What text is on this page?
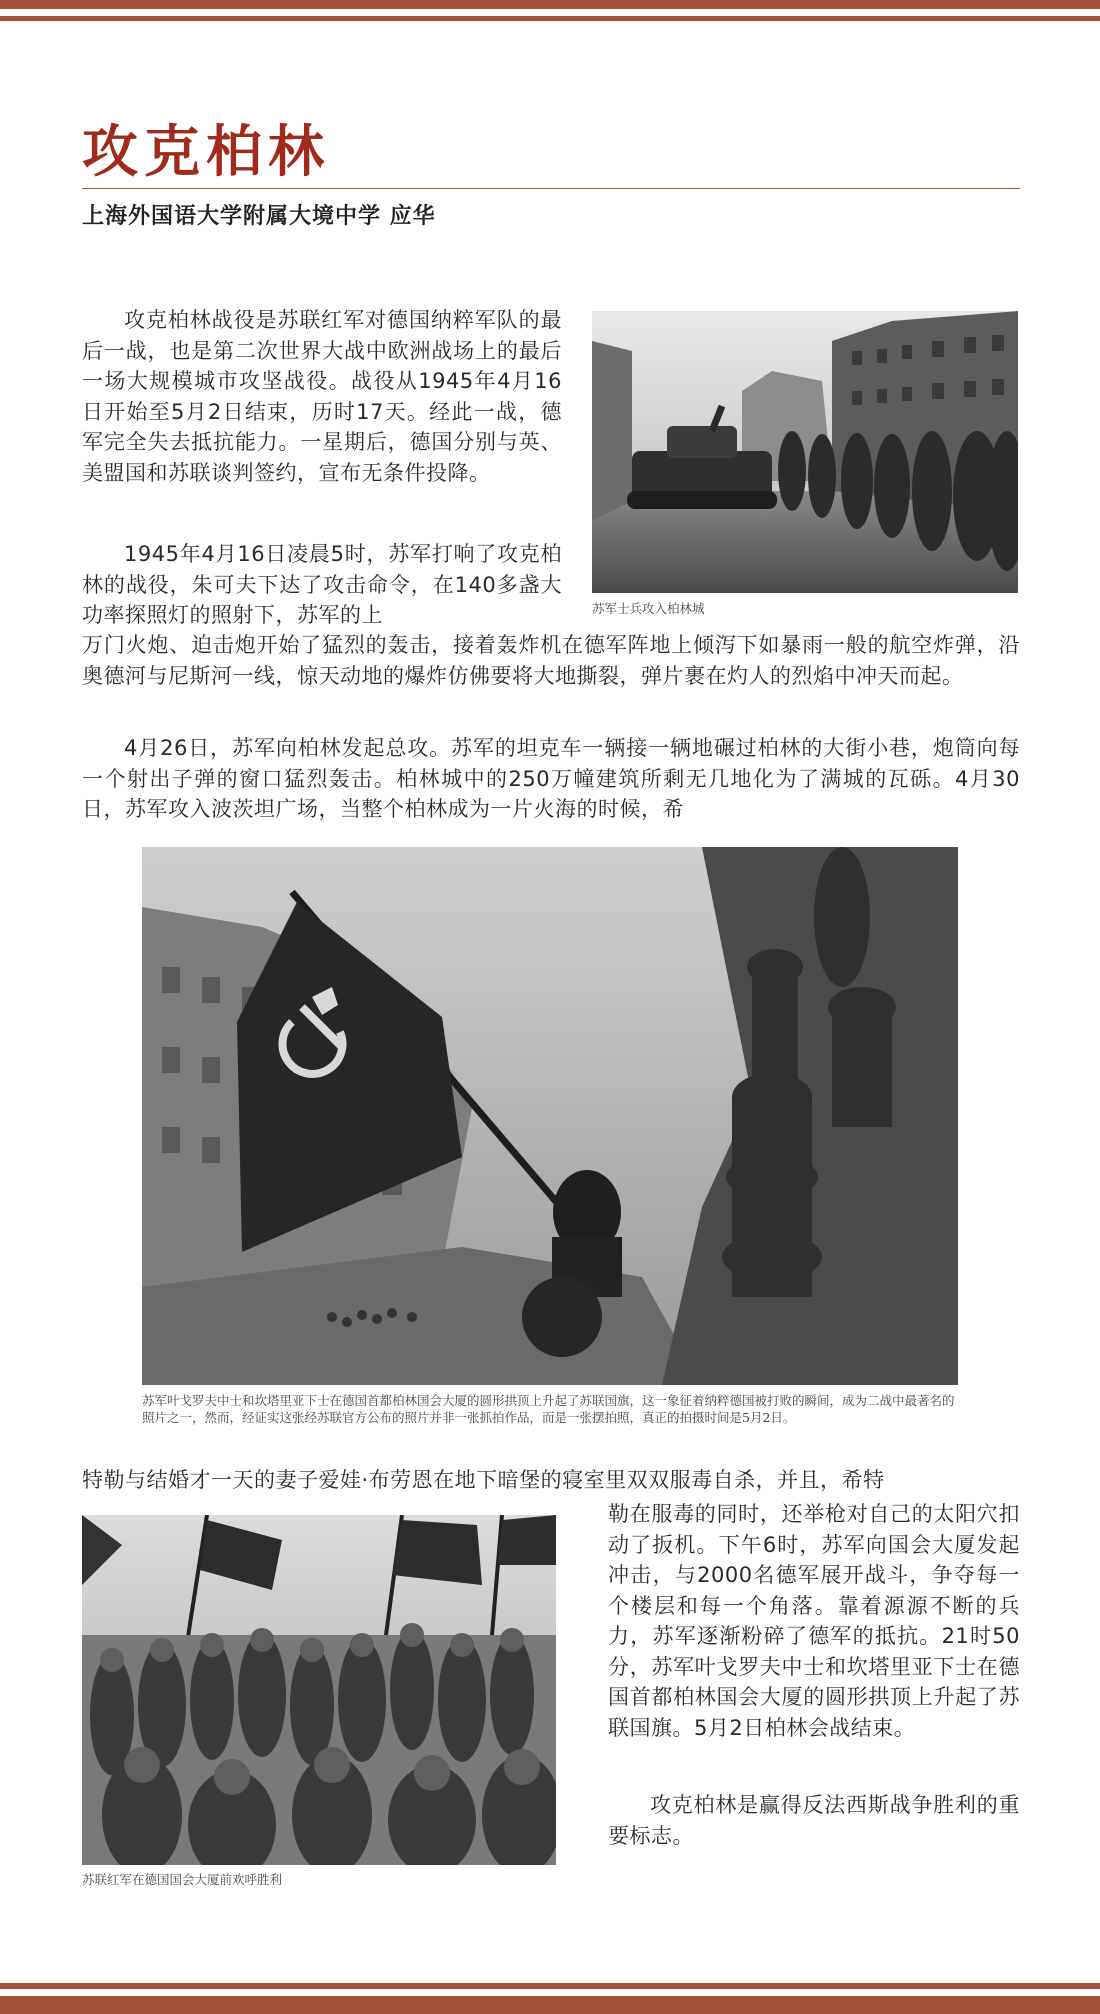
攻克柏林
上海外国语大学附属大境中学 应华

攻克柏林战役是苏联红军对德国纳粹军队的最后一战，也是第二次世界大战中欧洲战场上的最后一场大规模城市攻坚战役。战役从1945年4月16日开始至5月2日结束，历时17天。经此一战，德军完全失去抵抗能力。一星期后，德国分别与英、美盟国和苏联谈判签约，宣布无条件投降。

1945年4月16日凌晨5时，苏军打响了攻克柏林的战役，朱可夫下达了攻击命令，在140多盏大功率探照灯的照射下，苏军的上	苏军士兵攻入柏林城

万门火炮、迫击炮开始了猛烈的轰击，接着轰炸机在德军阵地上倾泻下如暴雨一般的航空炸弹，沿奥德河与尼斯河一线，惊天动地的爆炸仿佛要将大地撕裂，弹片裹在灼人的烈焰中冲天而起。

4月26日，苏军向柏林发起总攻。苏军的坦克车一辆接一辆地碾过柏林的大街小巷，炮筒向每一个射出子弹的窗口猛烈轰击。柏林城中的250万幢建筑所剩无几地化为了满城的瓦砾。4月30日，苏军攻入波茨坦广场，当整个柏林成为一片火海的时候，希

苏军叶戈罗夫中士和坎塔里亚下士在德国首都柏林国会大厦的圆形拱顶上升起了苏联国旗，这一象征着纳粹德国被打败的瞬间，成为二战中最著名的照片之一，然而，经证实这张经苏联官方公布的照片并非一张抓拍作品，而是一张摆拍照，真正的拍摄时间是5月2日。

特勒与结婚才一天的妻子爱娃·布劳恩在地下暗堡的寝室里双双服毒自杀，并且，希特

苏联红军在德国国会大厦前欢呼胜利

勒在服毒的同时，还举枪对自己的太阳穴扣动了扳机。下午6时，苏军向国会大厦发起冲击，与2000名德军展开战斗，争夺每一个楼层和每一个角落。靠着源源不断的兵力，苏军逐渐粉碎了德军的抵抗。21时50分，苏军叶戈罗夫中士和坎塔里亚下士在德国首都柏林国会大厦的圆形拱顶上升起了苏联国旗。5月2日柏林会战结束。

攻克柏林是赢得反法西斯战争胜利的重要标志。
